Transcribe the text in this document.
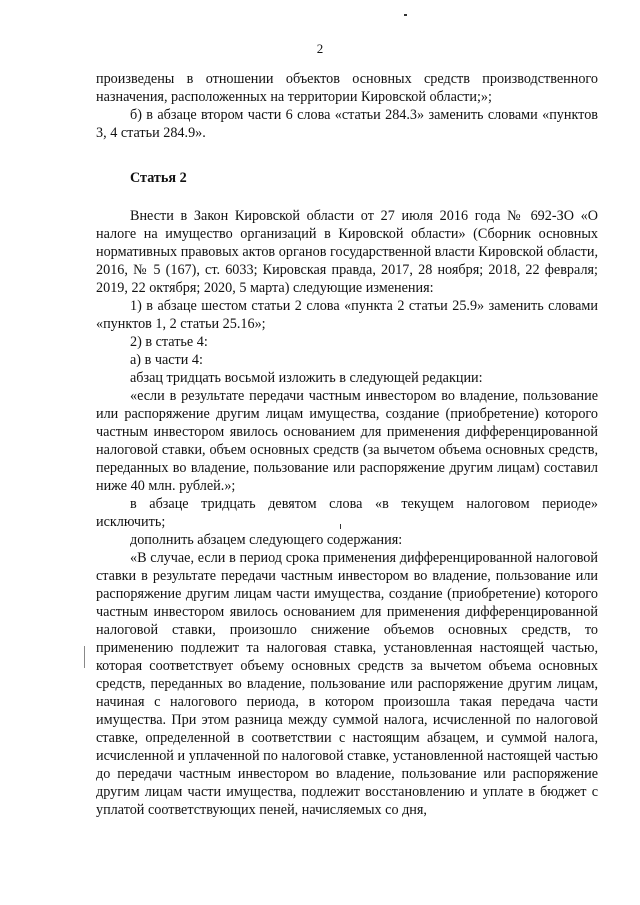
2

произведены в отношении объектов основных средств производственного назначения, расположенных на территории Кировской области;»;

б) в абзаце втором части 6 слова «статьи 284.3» заменить словами «пунктов 3, 4 статьи 284.9».

Статья 2

Внести в Закон Кировской области от 27 июля 2016 года № 692-ЗО «О налоге на имущество организаций в Кировской области» (Сборник основных нормативных правовых актов органов государственной власти Кировской области, 2016, № 5 (167), ст. 6033; Кировская правда, 2017, 28 ноября; 2018, 22 февраля; 2019, 22 октября; 2020, 5 марта) следующие изменения:

1) в абзаце шестом статьи 2 слова «пункта 2 статьи 25.9» заменить словами «пунктов 1, 2 статьи 25.16»;

2) в статье 4:

а) в части 4:

абзац тридцать восьмой изложить в следующей редакции:

«если в результате передачи частным инвестором во владение, пользование или распоряжение другим лицам имущества, создание (приобретение) которого частным инвестором явилось основанием для применения дифференцированной налоговой ставки, объем основных средств (за вычетом объема основных средств, переданных во владение, пользование или распоряжение другим лицам) составил ниже 40 млн. рублей.»;

в абзаце тридцать девятом слова «в текущем налоговом периоде» исключить;

дополнить абзацем следующего содержания:

«В случае, если в период срока применения дифференцированной налоговой ставки в результате передачи частным инвестором во владение, пользование или распоряжение другим лицам части имущества, создание (приобретение) которого частным инвестором явилось основанием для применения дифференцированной налоговой ставки, произошло снижение объемов основных средств, то применению подлежит та налоговая ставка, установленная настоящей частью, которая соответствует объему основных средств за вычетом объема основных средств, переданных во владение, пользование или распоряжение другим лицам, начиная с налогового периода, в котором произошла такая передача части имущества. При этом разница между суммой налога, исчисленной по налоговой ставке, определенной в соответствии с настоящим абзацем, и суммой налога, исчисленной и уплаченной по налоговой ставке, установленной настоящей частью до передачи частным инвестором во владение, пользование или распоряжение другим лицам части имущества, подлежит восстановлению и уплате в бюджет с уплатой соответствующих пеней, начисляемых со дня,
